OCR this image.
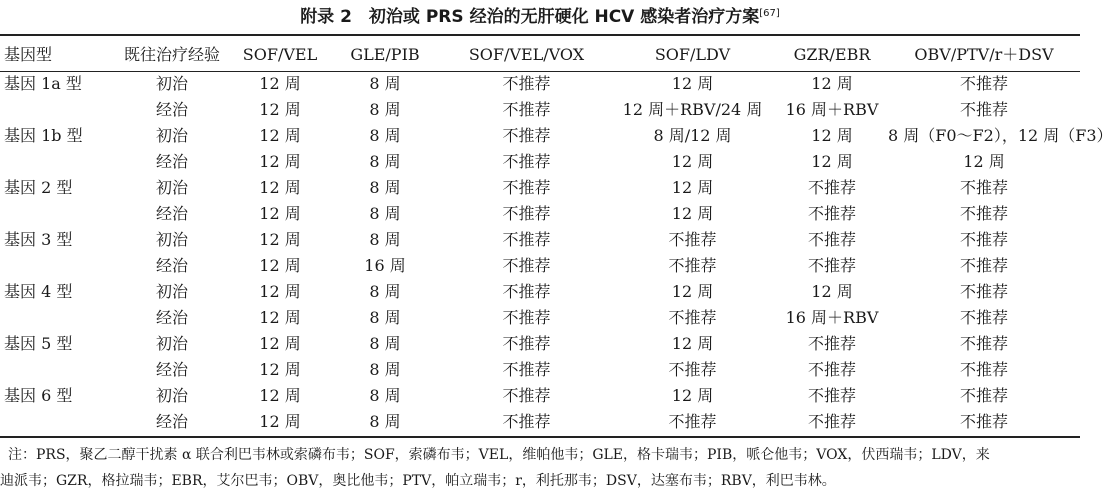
附录 2　初治或 PRS 经治的无肝硬化 HCV 感染者治疗方案[67]
基因型	既往治疗经验	SOF/VEL	GLE/PIB	SOF/VEL/VOX	SOF/LDV	GZR/EBR	OBV/PTV/r＋DSV
基因 1a 型	初治	12 周	8 周	不推荐	12 周	12 周	不推荐
	经治	12 周	8 周	不推荐	12 周＋RBV/24 周	16 周＋RBV	不推荐
基因 1b 型	初治	12 周	8 周	不推荐	8 周/12 周	12 周	8 周（F0～F2），12 周（F3）
	经治	12 周	8 周	不推荐	12 周	12 周	12 周
基因 2 型	初治	12 周	8 周	不推荐	12 周	不推荐	不推荐
	经治	12 周	8 周	不推荐	12 周	不推荐	不推荐
基因 3 型	初治	12 周	8 周	不推荐	不推荐	不推荐	不推荐
	经治	12 周	16 周	不推荐	不推荐	不推荐	不推荐
基因 4 型	初治	12 周	8 周	不推荐	12 周	12 周	不推荐
	经治	12 周	8 周	不推荐	不推荐	16 周＋RBV	不推荐
基因 5 型	初治	12 周	8 周	不推荐	12 周	不推荐	不推荐
	经治	12 周	8 周	不推荐	不推荐	不推荐	不推荐
基因 6 型	初治	12 周	8 周	不推荐	12 周	不推荐	不推荐
	经治	12 周	8 周	不推荐	不推荐	不推荐	不推荐
注：PRS，聚乙二醇干扰素 α 联合利巴韦林或索磷布韦；SOF，索磷布韦；VEL，维帕他韦；GLE，格卡瑞韦；PIB，哌仑他韦；VOX，伏西瑞韦；LDV，来
迪派韦；GZR，格拉瑞韦；EBR，艾尔巴韦；OBV，奥比他韦；PTV，帕立瑞韦；r，利托那韦；DSV，达塞布韦；RBV，利巴韦林。
